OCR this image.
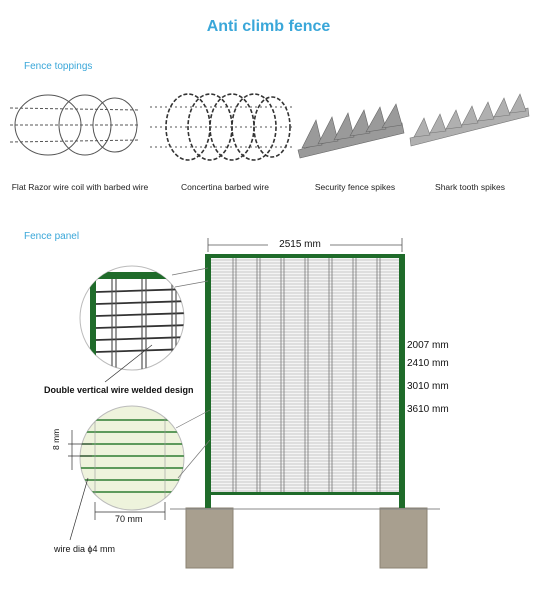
Anti climb fence
Fence toppings
Fence panel
Flat Razor wire coil with barbed wire	Concertina barbed wire	Security fence spikes	Shark tooth spikes
2515 mm
2007 mm
2410 mm
3010 mm
3610 mm
Double vertical wire welded design
8 mm
70 mm
wire dia ϕ4 mm
